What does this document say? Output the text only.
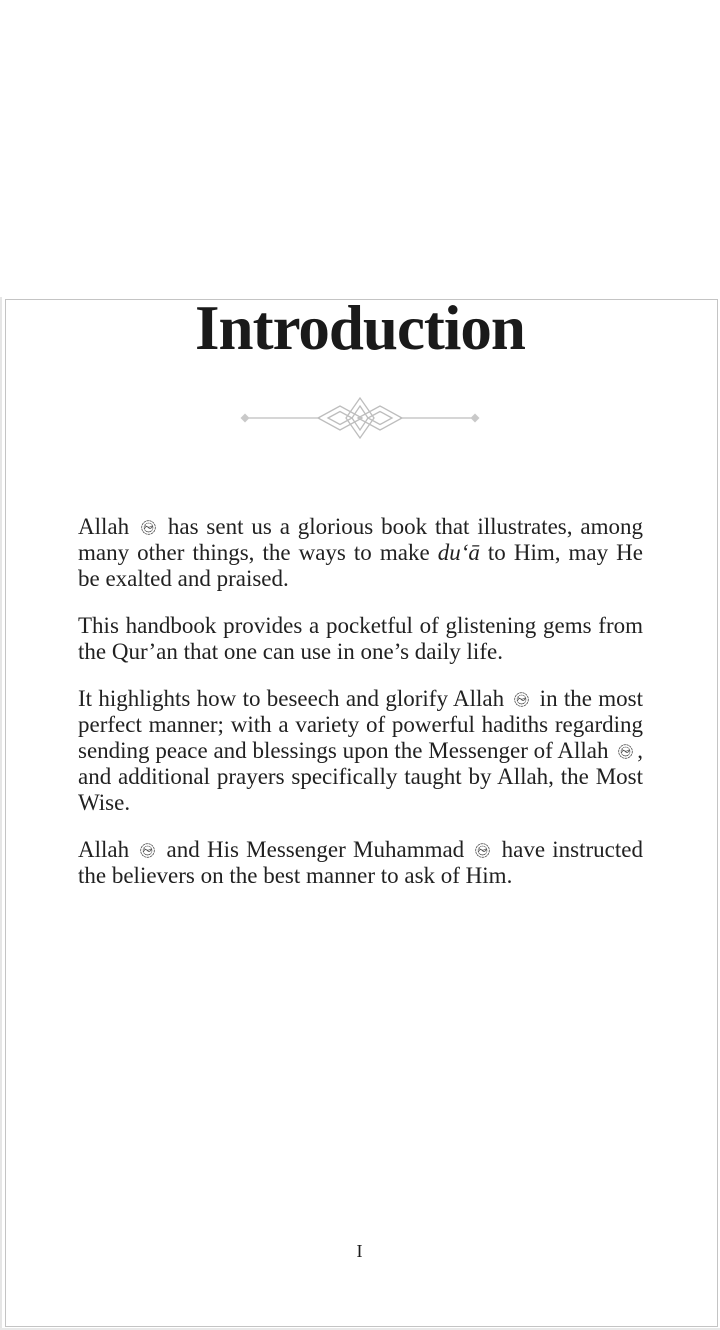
Introduction

Allah
has sent us a glorious book that illustrates, among many other things, the ways to make du‘ā to Him, may He be exalted and praised.

This handbook provides a pocketful of glistening gems from the Qur’an that one can use in one’s daily life.

It highlights how to beseech and glorify Allah
in the most perfect manner; with a variety of powerful hadiths regarding sending peace and blessings upon the Messenger of Allah
, and additional prayers specifically taught by Allah, the Most Wise.

Allah
and His Messenger Muhammad
have instructed the believers on the best manner to ask of Him.

I
